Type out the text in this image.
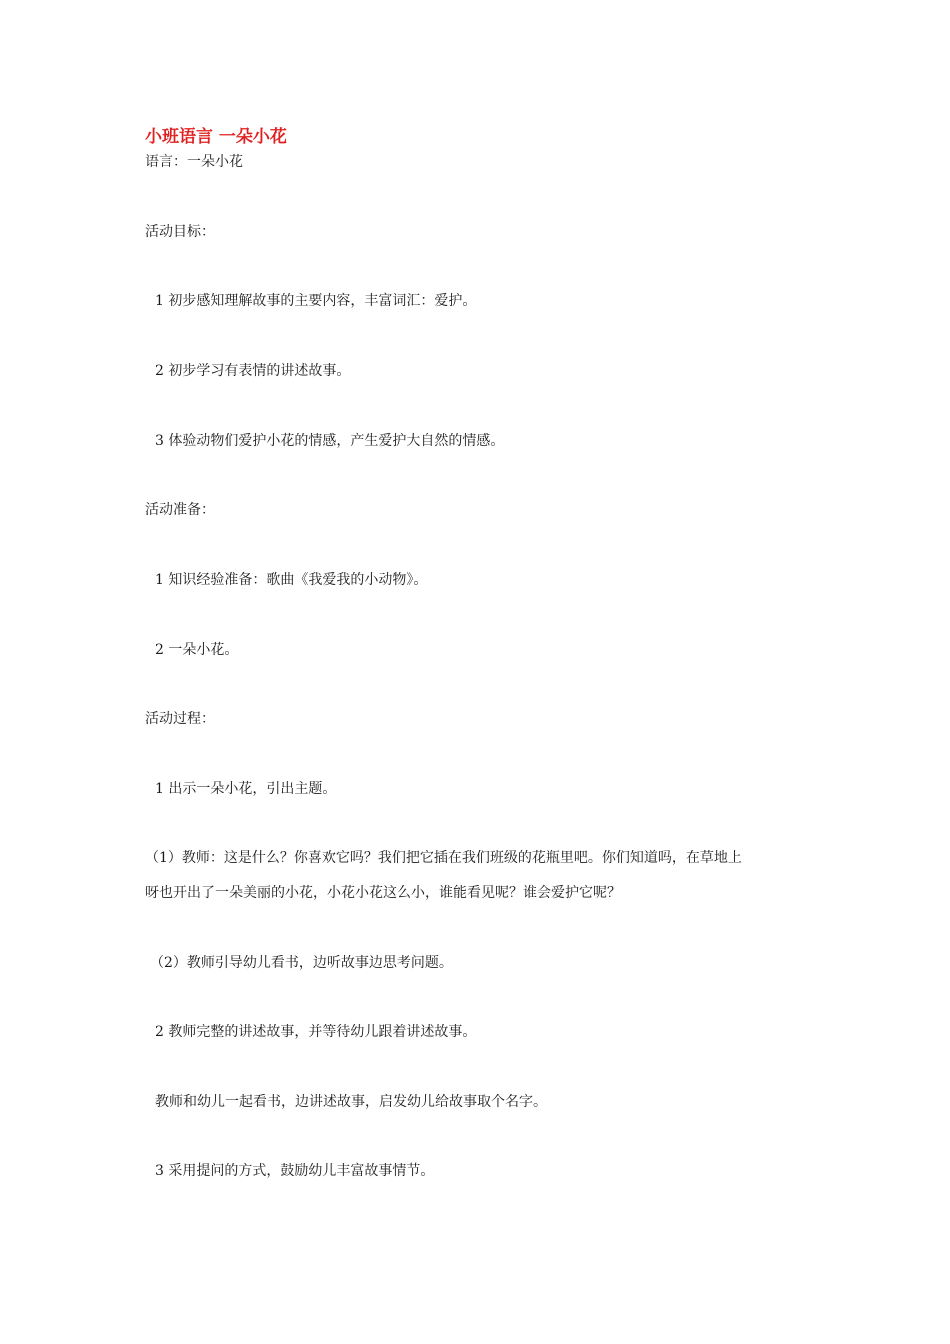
小班语言 一朵小花
语言：一朵小花
活动目标：
1 初步感知理解故事的主要内容，丰富词汇：爱护。
2 初步学习有表情的讲述故事。
3 体验动物们爱护小花的情感，产生爱护大自然的情感。
活动准备：
1 知识经验准备：歌曲《我爱我的小动物》。
2 一朵小花。
活动过程：
1 出示一朵小花，引出主题。
（1）教师：这是什么？你喜欢它吗？我们把它插在我们班级的花瓶里吧。你们知道吗，在草地上
呀也开出了一朵美丽的小花，小花小花这么小，谁能看见呢？谁会爱护它呢？
（2）教师引导幼儿看书，边听故事边思考问题。
2 教师完整的讲述故事，并等待幼儿跟着讲述故事。
教师和幼儿一起看书，边讲述故事，启发幼儿给故事取个名字。
3 采用提问的方式，鼓励幼儿丰富故事情节。
